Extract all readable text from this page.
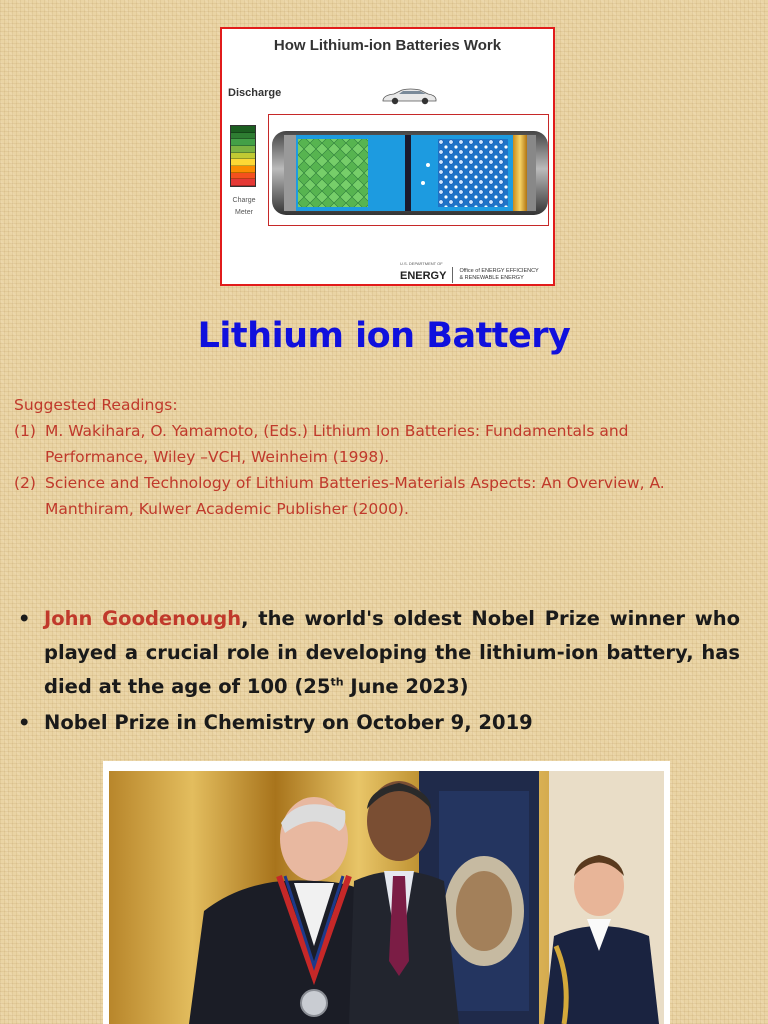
How Lithium-ion Batteries Work
Discharge
Charge
Meter
U.S. DEPARTMENT OF
ENERGY Office of ENERGY EFFICIENCY
& RENEWABLE ENERGY
Lithium ion Battery
Suggested Readings:
(1) M. Wakihara, O. Yamamoto, (Eds.) Lithium Ion Batteries: Fundamentals and
Performance, Wiley –VCH, Weinheim (1998).
(2) Science and Technology of Lithium Batteries-Materials Aspects: An Overview, A.
Manthiram, Kulwer Academic Publisher (2000).
• John Goodenough, the world's oldest Nobel Prize winner who played a crucial role in developing the lithium-ion battery, has died at the age of 100 (25th June 2023)
• Nobel Prize in Chemistry on October 9, 2019
